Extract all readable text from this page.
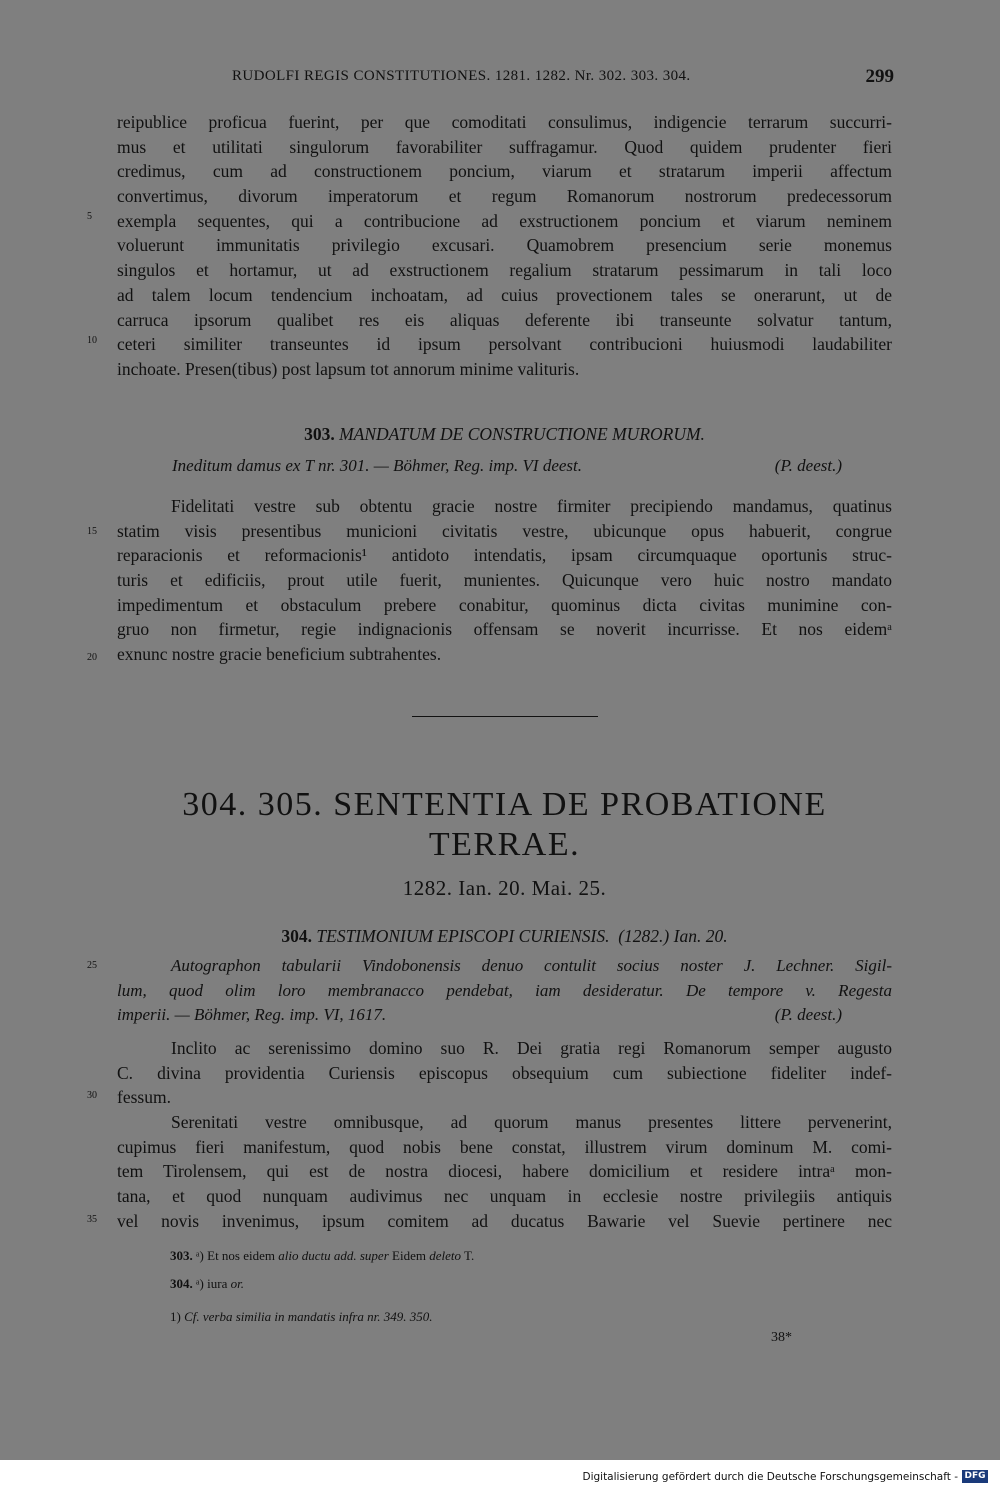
RUDOLFI REGIS CONSTITUTIONES. 1281. 1282. Nr. 302. 303. 304.	299
reipublice proficua fuerint, per que comoditati consulimus, indigencie terrarum succurri-
mus et utilitati singulorum favorabiliter suffragamur. Quod quidem prudenter fieri
credimus, cum ad constructionem poncium, viarum et stratarum imperii affectum
convertimus, divorum imperatorum et regum Romanorum nostrorum predecessorum
exempla sequentes, qui a contribucione ad exstructionem poncium et viarum neminem
voluerunt immunitatis privilegio excusari. Quamobrem presencium serie monemus
singulos et hortamur, ut ad exstructionem regalium stratarum pessimarum in tali loco
ad talem locum tendencium inchoatam, ad cuius provectionem tales se onerarunt, ut de
carruca ipsorum qualibet res eis aliquas deferente ibi transeunte solvatur tantum,
ceteri similiter transeuntes id ipsum persolvant contribucioni huiusmodi laudabiliter
inchoate. Presen(tibus) post lapsum tot annorum minime valituris.
303. MANDATUM DE CONSTRUCTIONE MURORUM.
Ineditum damus ex T nr. 301. — Böhmer, Reg. imp. VI deest.	(P. deest.)
Fidelitati vestre sub obtentu gracie nostre firmiter precipiendo mandamus, quatinus
statim visis presentibus municioni civitatis vestre, ubicunque opus habuerit, congrue
reparacionis et reformacionis¹ antidoto intendatis, ipsam circumquaque oportunis struc-
turis et edificiis, prout utile fuerit, munientes. Quicunque vero huic nostro mandato
impedimentum et obstaculum prebere conabitur, quominus dicta civitas munimine con-
gruo non firmetur, regie indignacionis offensam se noverit incurrisse. Et nos eidemᵃ
exnunc nostre gracie beneficium subtrahentes.
304. 305. SENTENTIA DE PROBATIONE
TERRAE.
1282. Ian. 20. Mai. 25.
304. TESTIMONIUM EPISCOPI CURIENSIS. (1282.) Ian. 20.
Autographon tabularii Vindobonensis denuo contulit socius noster J. Lechner. Sigil-
lum, quod olim loro membranacco pendebat, iam desideratur. De tempore v. Regesta
imperii. — Böhmer, Reg. imp. VI, 1617.	(P. deest.)
Inclito ac serenissimo domino suo R. Dei gratia regi Romanorum semper augusto
C. divina providentia Curiensis episcopus obsequium cum subiectione fideliter indef-
fessum.
Serenitati vestre omnibusque, ad quorum manus presentes littere pervenerint,
cupimus fieri manifestum, quod nobis bene constat, illustrem virum dominum M. comi-
tem Tirolensem, qui est de nostra diocesi, habere domicilium et residere intraᵃ mon-
tana, et quod nunquam audivimus nec unquam in ecclesie nostre privilegiis antiquis
vel novis invenimus, ipsum comitem ad ducatus Bawarie vel Suevie pertinere nec
5
10
15
20
25
30
35
303. ᵃ) Et nos eidem alio ductu add. super Eidem deleto T.
304. ᵃ) iura or.
1) Cf. verba similia in mandatis infra nr. 349. 350.
38*
Digitalisierung gefördert durch die Deutsche Forschungsgemeinschaft - DFG
